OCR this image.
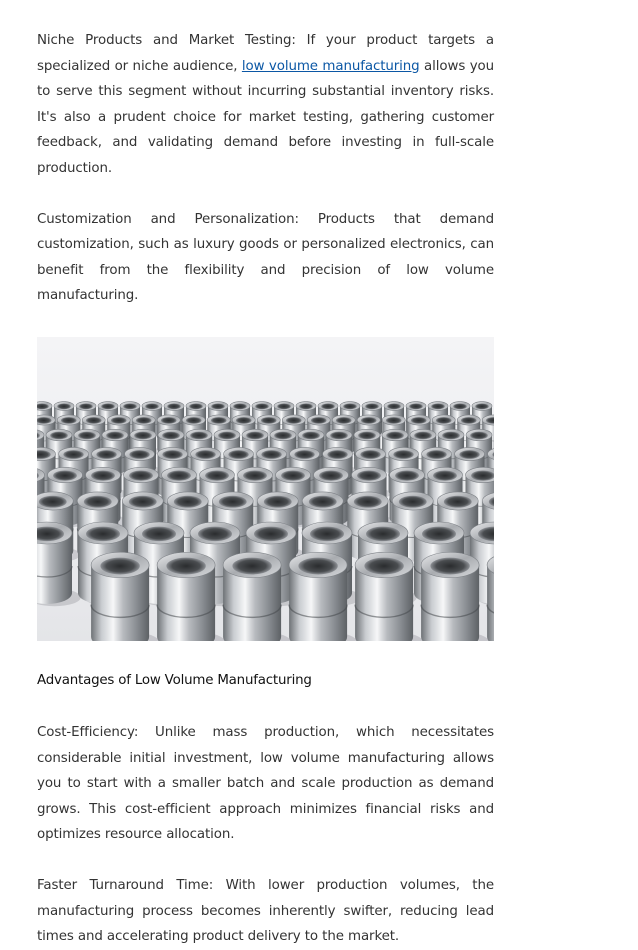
Niche Products and Market Testing: If your product targets a specialized or niche audience, low volume manufacturing allows you to serve this segment without incurring substantial inventory risks. It's also a prudent choice for market testing, gathering customer feedback, and validating demand before investing in full-scale production.

Customization and Personalization: Products that demand customization, such as luxury goods or personalized electronics, can benefit from the flexibility and precision of low volume manufacturing.

Advantages of Low Volume Manufacturing

Cost-Efficiency: Unlike mass production, which necessitates considerable initial investment, low volume manufacturing allows you to start with a smaller batch and scale production as demand grows. This cost-efficient approach minimizes financial risks and optimizes resource allocation.

Faster Turnaround Time: With lower production volumes, the manufacturing process becomes inherently swifter, reducing lead times and accelerating product delivery to the market.
